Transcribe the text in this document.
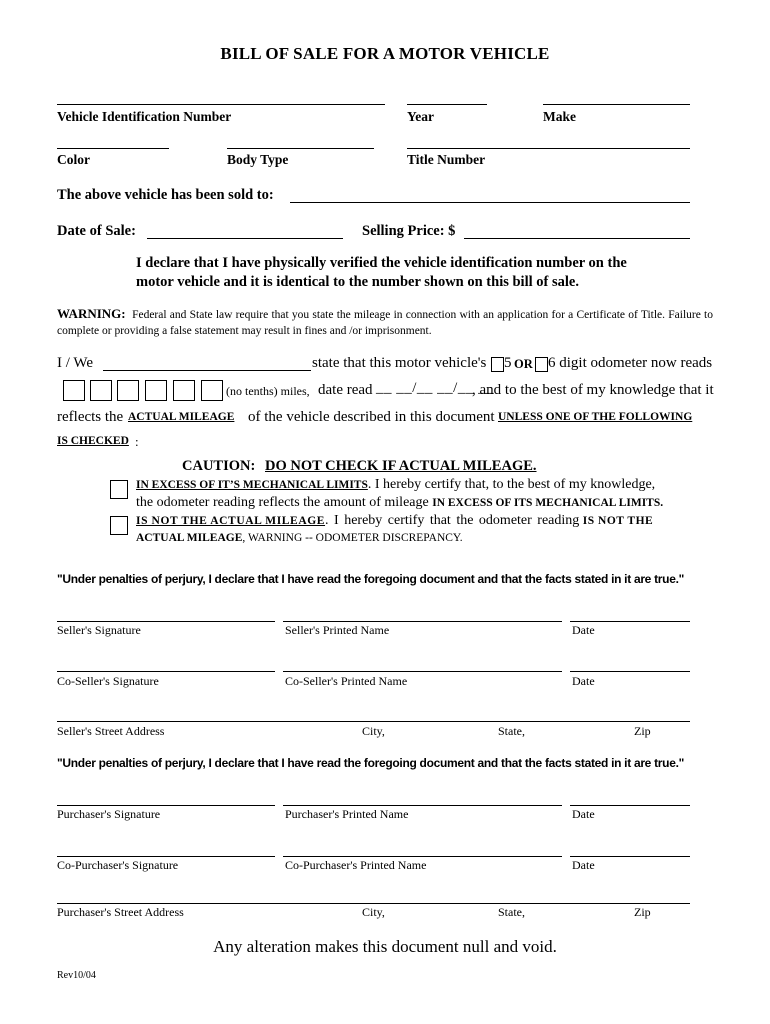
BILL OF SALE FOR A MOTOR VEHICLE
Vehicle Identification Number	Year	Make
Color	Body Type	Title Number
The above vehicle has been sold to:
Date of Sale:	Selling Price: $
I declare that I have physically verified the vehicle identification number on the motor vehicle and it is identical to the number shown on this bill of sale.
WARNING: Federal and State law require that you state the mileage in connection with an application for a Certificate of Title. Failure to complete or providing a false statement may result in fines and /or imprisonment.
I / We	state that this motor vehicle's 5 OR 6 digit odometer now reads
(no tenths) miles, date read __ __/__ __/__ __
, and to the best of my knowledge that it
reflects the ACTUAL MILEAGE of the vehicle described in this document UNLESS ONE OF THE FOLLOWING
IS CHECKED :
CAUTION: DO NOT CHECK IF ACTUAL MILEAGE.
IN EXCESS OF IT’S MECHANICAL LIMITS. I hereby certify that, to the best of my knowledge,
the odometer reading reflects the amount of mileage IN EXCESS OF ITS MECHANICAL LIMITS.
IS NOT THE ACTUAL MILEAGE. I hereby certify that the odometer reading IS NOT THE
ACTUAL MILEAGE, WARNING -- ODOMETER DISCREPANCY.
"Under penalties of perjury, I declare that I have read the foregoing document and that the facts stated in it are true."
Seller's Signature	Seller's Printed Name	Date
Co-Seller's Signature	Co-Seller's Printed Name	Date
Seller's Street Address	City,	State,	Zip
"Under penalties of perjury, I declare that I have read the foregoing document and that the facts stated in it are true."
Purchaser's Signature	Purchaser's Printed Name	Date
Co-Purchaser's Signature	Co-Purchaser's Printed Name	Date
Purchaser's Street Address	City,	State,	Zip
Any alteration makes this document null and void.
Rev10/04
